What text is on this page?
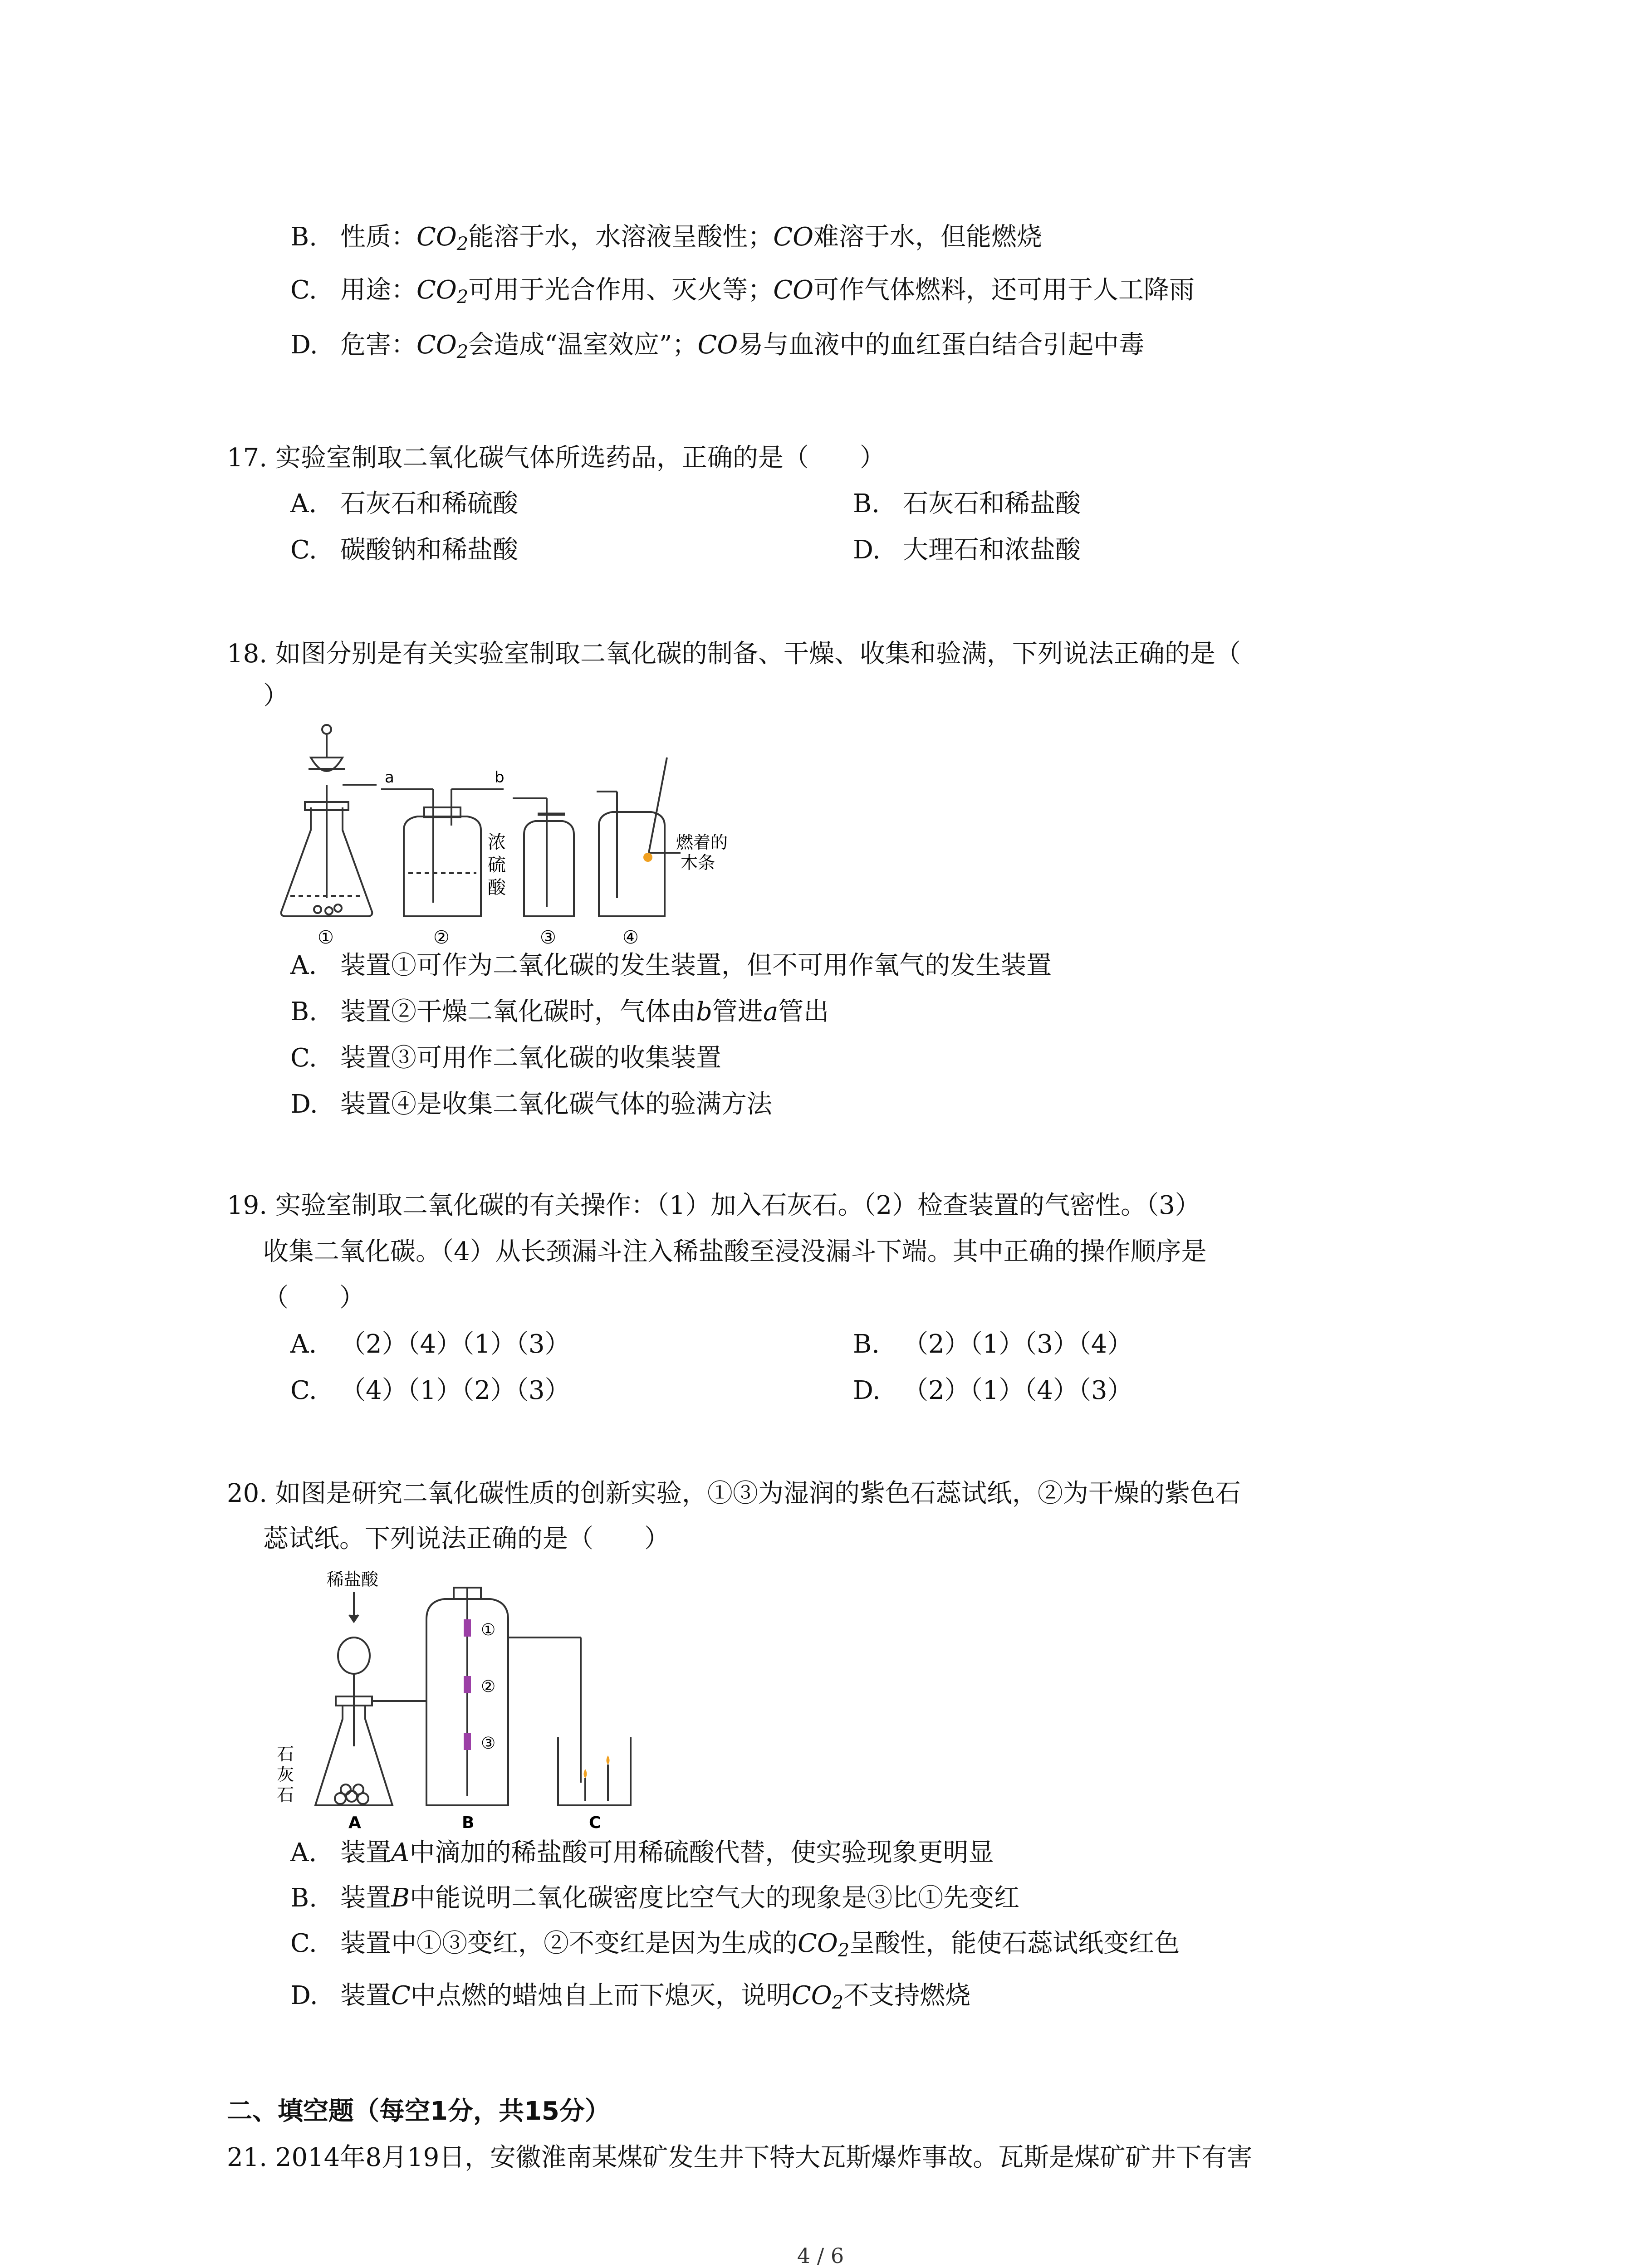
B. 性质：$CO_2$能溶于水，水溶液呈酸性；CO难溶于水，但能燃烧
C. 用途：$CO_2$可用于光合作用、灭火等；CO可作气体燃料，还可用于人工降雨
D. 危害：$CO_2$会造成“温室效应”；CO易与血液中的血红蛋白结合引起中毒
17. 实验室制取二氧化碳气体所选药品，正确的是（　　）
A. 石灰石和稀硫酸	B. 石灰石和稀盐酸
C. 碳酸钠和稀盐酸	D. 大理石和浓盐酸
18. 如图分别是有关实验室制取二氧化碳的制备、干燥、收集和验满，下列说法正确的是（
）
a	b
浓
硫
酸
燃着的
木条
①	②	③	④
A. 装置①可作为二氧化碳的发生装置，但不可用作氧气的发生装置
B. 装置②干燥二氧化碳时，气体由b管进a管出
C. 装置③可用作二氧化碳的收集装置
D. 装置④是收集二氧化碳气体的验满方法
19. 实验室制取二氧化碳的有关操作：（1）加入石灰石。（2）检查装置的气密性。（3）
收集二氧化碳。（4）从长颈漏斗注入稀盐酸至浸没漏斗下端。其中正确的操作顺序是
（　　）
A. （2）（4）（1）（3）	B. （2）（1）（3）（4）
C. （4）（1）（2）（3）	D. （2）（1）（4）（3）
20. 如图是研究二氧化碳性质的创新实验，①③为湿润的紫色石蕊试纸，②为干燥的紫色石
蕊试纸。下列说法正确的是（　　）
稀盐酸
石
灰
石
①
②
③
A	B	C
A. 装置A中滴加的稀盐酸可用稀硫酸代替，使实验现象更明显
B. 装置B中能说明二氧化碳密度比空气大的现象是③比①先变红
C. 装置中①③变红，②不变红是因为生成的$CO_2$呈酸性，能使石蕊试纸变红色
D. 装置C中点燃的蜡烛自上而下熄灭，说明$CO_2$不支持燃烧
二、填空题（每空1分，共15分）
21. 2014年8月19日，安徽淮南某煤矿发生井下特大瓦斯爆炸事故。瓦斯是煤矿矿井下有害
4 / 6
